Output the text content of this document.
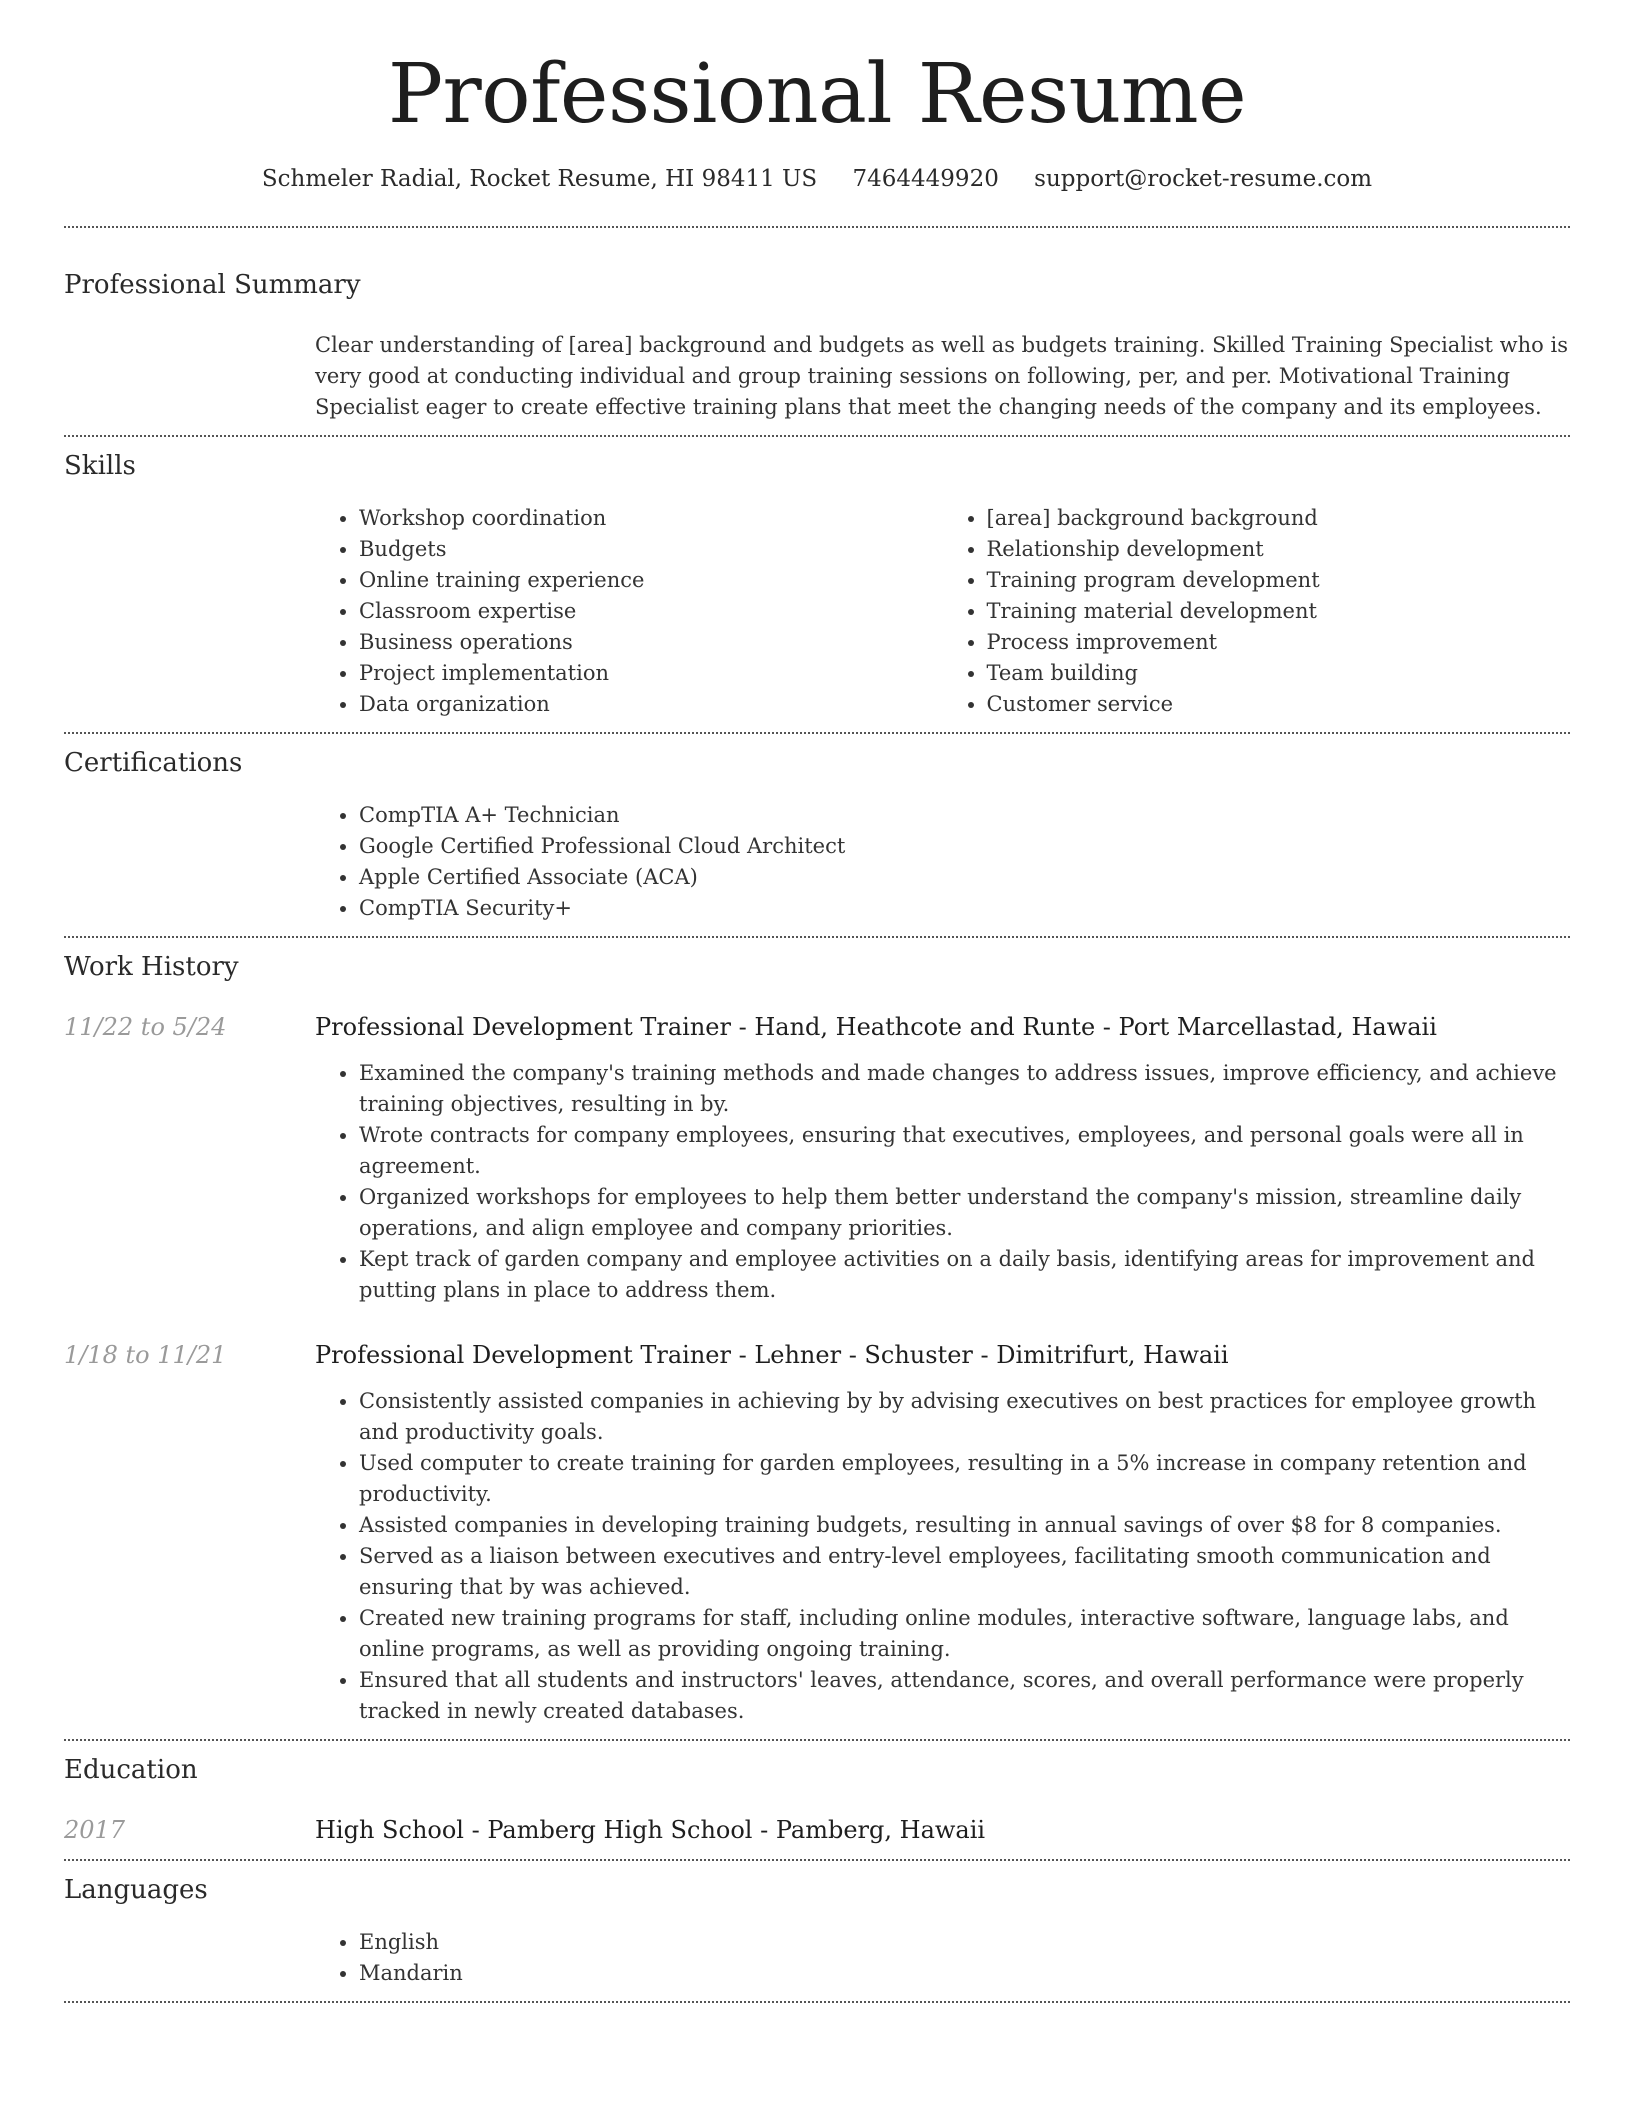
Professional Resume
Schmeler Radial, Rocket Resume, HI 98411 US 7464449920 support@rocket-resume.com
Professional Summary
Clear understanding of [area] background and budgets as well as budgets training. Skilled Training Specialist who is very good at conducting individual and group training sessions on following, per, and per. Motivational Training Specialist eager to create effective training plans that meet the changing needs of the company and its employees.
Skills
• Workshop coordination
• Budgets
• Online training experience
• Classroom expertise
• Business operations
• Project implementation
• Data organization
• [area] background background
• Relationship development
• Training program development
• Training material development
• Process improvement
• Team building
• Customer service
Certifications
• CompTIA A+ Technician
• Google Certified Professional Cloud Architect
• Apple Certified Associate (ACA)
• CompTIA Security+
Work History
11/22 to 5/24	Professional Development Trainer - Hand, Heathcote and Runte - Port Marcellastad, Hawaii
• Examined the company's training methods and made changes to address issues, improve efficiency, and achieve training objectives, resulting in by.
• Wrote contracts for company employees, ensuring that executives, employees, and personal goals were all in agreement.
• Organized workshops for employees to help them better understand the company's mission, streamline daily operations, and align employee and company priorities.
• Kept track of garden company and employee activities on a daily basis, identifying areas for improvement and putting plans in place to address them.
1/18 to 11/21	Professional Development Trainer - Lehner - Schuster - Dimitrifurt, Hawaii
• Consistently assisted companies in achieving by by advising executives on best practices for employee growth and productivity goals.
• Used computer to create training for garden employees, resulting in a 5% increase in company retention and productivity.
• Assisted companies in developing training budgets, resulting in annual savings of over $8 for 8 companies.
• Served as a liaison between executives and entry-level employees, facilitating smooth communication and ensuring that by was achieved.
• Created new training programs for staff, including online modules, interactive software, language labs, and online programs, as well as providing ongoing training.
• Ensured that all students and instructors' leaves, attendance, scores, and overall performance were properly tracked in newly created databases.
Education
2017	High School - Pamberg High School - Pamberg, Hawaii
Languages
• English
• Mandarin
